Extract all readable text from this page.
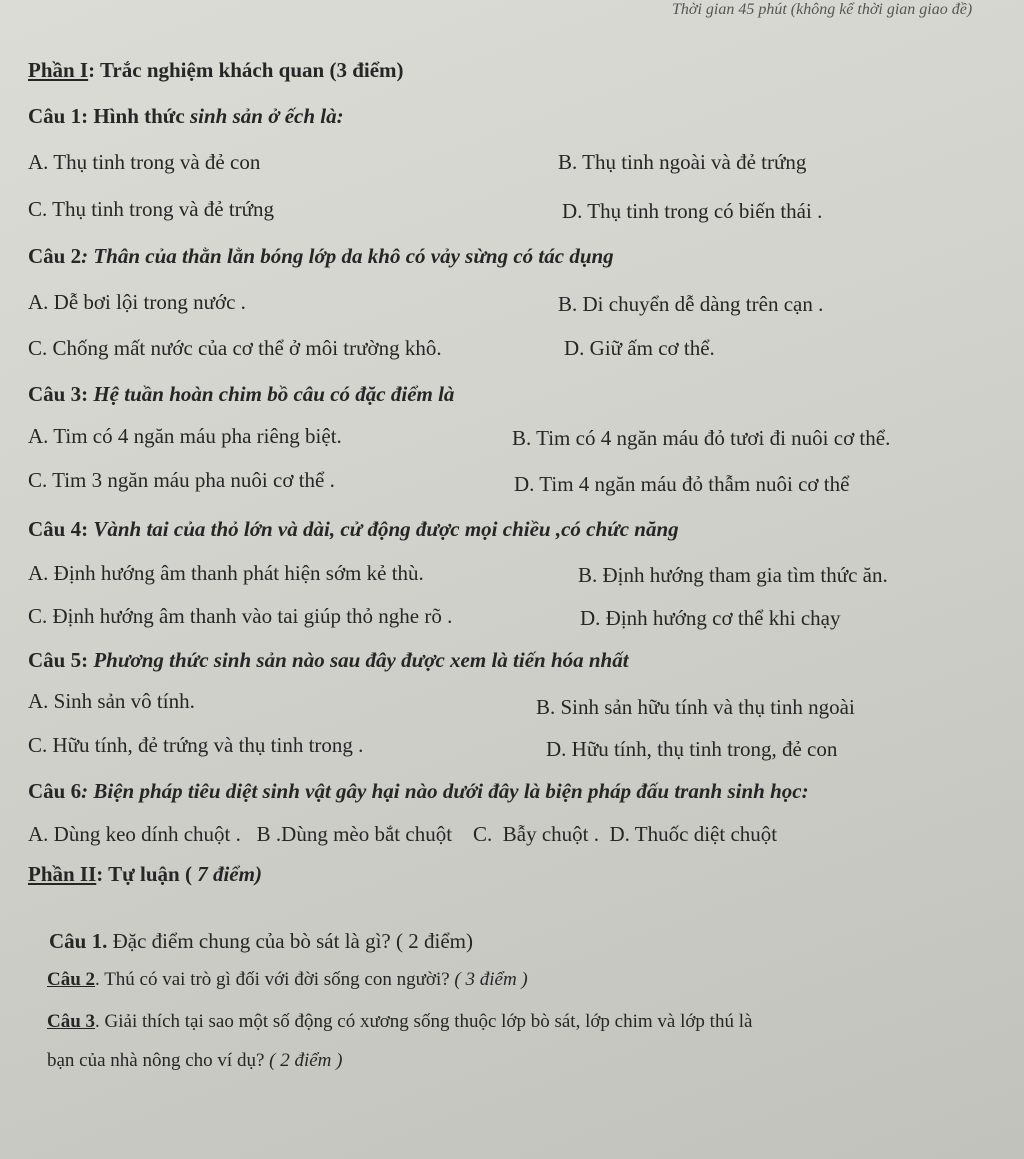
Thời gian 45 phút (không kể thời gian giao đề)
Phần I: Trắc nghiệm khách quan (3 điểm)
Câu 1: Hình thức sinh sản ở ếch là:
A. Thụ tinh trong và đẻ con	B. Thụ tinh ngoài và đẻ trứng
C. Thụ tinh trong và đẻ trứng	D. Thụ tinh trong có biến thái .
Câu 2: Thân của thằn lằn bóng lớp da khô có vảy sừng có tác dụng
A. Dễ bơi lội trong nước .	B. Di chuyển dễ dàng trên cạn .
C. Chống mất nước của cơ thể ở môi trường khô.	D. Giữ ấm cơ thể.
Câu 3: Hệ tuần hoàn chim bồ câu có đặc điểm là
A. Tim có 4 ngăn máu pha riêng biệt.	B. Tim có 4 ngăn máu đỏ tươi đi nuôi cơ thể.
C. Tim 3 ngăn máu pha nuôi cơ thể .	D. Tim 4 ngăn máu đỏ thẫm nuôi cơ thể
Câu 4: Vành tai của thỏ lớn và dài, cử động được mọi chiều ,có chức năng
A. Định hướng âm thanh phát hiện sớm kẻ thù.	B. Định hướng tham gia tìm thức ăn.
C. Định hướng âm thanh vào tai giúp thỏ nghe rõ .	D. Định hướng cơ thể khi chạy
Câu 5: Phương thức sinh sản nào sau đây được xem là tiến hóa nhất
A. Sinh sản vô tính.	B. Sinh sản hữu tính và thụ tinh ngoài
C. Hữu tính, đẻ trứng và thụ tinh trong .	D. Hữu tính, thụ tinh trong, đẻ con
Câu 6: Biện pháp tiêu diệt sinh vật gây hại nào dưới đây là biện pháp đấu tranh sinh học:
A. Dùng keo dính chuột .   B .Dùng mèo bắt chuột    C.  Bẫy chuột .  D. Thuốc diệt chuột
Phần II: Tự luận ( 7 điểm)

Câu 1. Đặc điểm chung của bò sát là gì? ( 2 điểm)

Câu 2. Thú có vai trò gì đối với đời sống con người? ( 3 điểm )

Câu 3. Giải thích tại sao một số động có xương sống thuộc lớp bò sát, lớp chim và lớp thú là

bạn của nhà nông cho ví dụ? ( 2 điểm )
